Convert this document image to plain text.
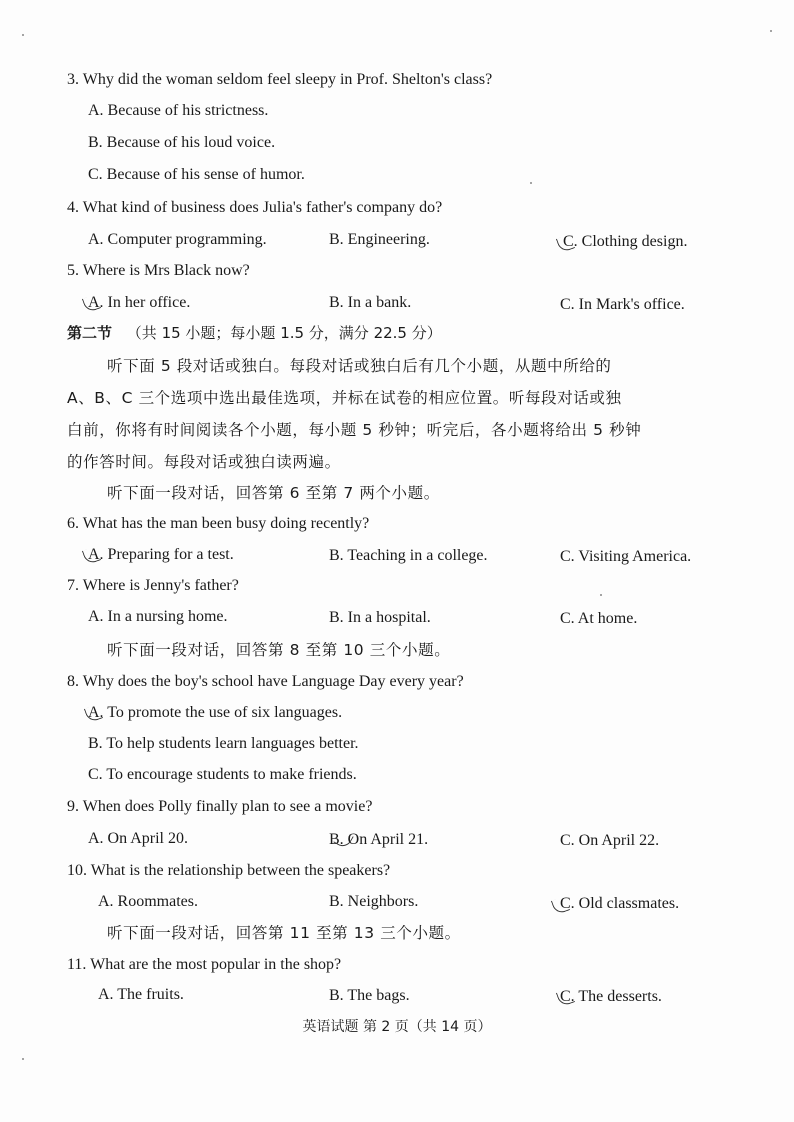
3. Why did the woman seldom feel sleepy in Prof. Shelton's class?
A. Because of his strictness.
B. Because of his loud voice.
C. Because of his sense of humor.
4. What kind of business does Julia's father's company do?
A. Computer programming.	B. Engineering.	C. Clothing design.
5. Where is Mrs Black now?
A. In her office.	B. In a bank.	C. In Mark's office.
第二节 （共 15 小题；每小题 1.5 分，满分 22.5 分）
听下面 5 段对话或独白。每段对话或独白后有几个小题，从题中所给的
A、B、C 三个选项中选出最佳选项，并标在试卷的相应位置。听每段对话或独
白前，你将有时间阅读各个小题，每小题 5 秒钟；听完后，各小题将给出 5 秒钟
的作答时间。每段对话或独白读两遍。
听下面一段对话，回答第 6 至第 7 两个小题。
6. What has the man been busy doing recently?
A. Preparing for a test.	B. Teaching in a college.	C. Visiting America.
7. Where is Jenny's father?
A. In a nursing home.	B. In a hospital.	C. At home.
听下面一段对话，回答第 8 至第 10 三个小题。
8. Why does the boy's school have Language Day every year?
A. To promote the use of six languages.
B. To help students learn languages better.
C. To encourage students to make friends.
9. When does Polly finally plan to see a movie?
A. On April 20.	B. On April 21.	C. On April 22.
10. What is the relationship between the speakers?
A. Roommates.	B. Neighbors.	C. Old classmates.
听下面一段对话，回答第 11 至第 13 三个小题。
11. What are the most popular in the shop?
A. The fruits.	B. The bags.	C. The desserts.
英语试题 第 2 页（共 14 页）
